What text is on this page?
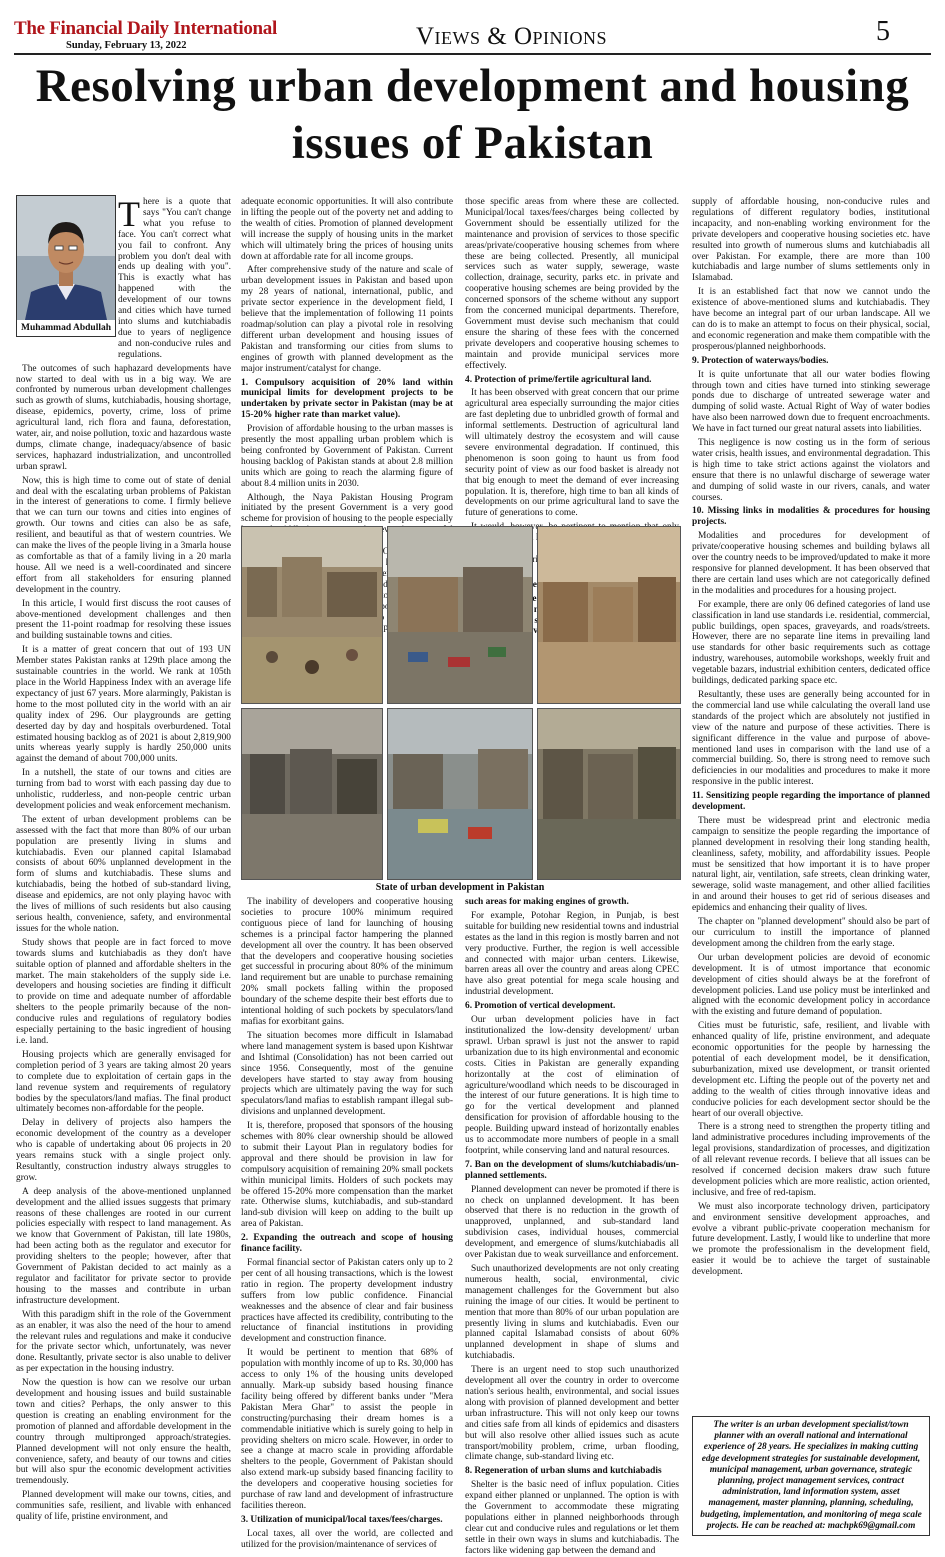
The Financial Daily International
Sunday, February 13, 2022	Views & Opinions	5
Resolving urban development and housing issues of Pakistan
Muhammad Abdullah

There is a quote that says "You can't change what you refuse to face. You can't correct what you fail to confront. Any problem you don't deal with ends up dealing with you". This is exactly what has happened with the development of our towns and cities which have turned into slums and kutchiabadis due to years of negligence and non-conducive rules and regulations.

The outcomes of such haphazard developments have now started to deal with us in a big way. We are confronted by numerous urban development challenges such as growth of slums, kutchiabadis, housing shortage, disease, epidemics, poverty, crime, loss of prime agricultural land, rich flora and fauna, deforestation, water, air, and noise pollution, toxic and hazardous waste dumps, climate change, inadequacy/absence of basic services, haphazard industrialization, and uncontrolled urban sprawl.

Now, this is high time to come out of state of denial and deal with the escalating urban problems of Pakistan in the interest of generations to come. I firmly believe that we can turn our towns and cities into engines of growth. Our towns and cities can also be as safe, resilient, and beautiful as that of western countries. We can make the lives of the people living in a 3marla house as comfortable as that of a family living in a 20 marla house. All we need is a well-coordinated and sincere effort from all stakeholders for ensuring planned development in the country.

In this article, I would first discuss the root causes of above-mentioned development challenges and then present the 11-point roadmap for resolving these issues and building sustainable towns and cities.

It is a matter of great concern that out of 193 UN Member states Pakistan ranks at 129th place among the sustainable countries in the world. We rank at 105th place in the World Happiness Index with an average life expectancy of just 67 years. More alarmingly, Pakistan is home to the most polluted city in the world with an air quality index of 296. Our playgrounds are getting deserted day by day and hospitals overburdened. Total estimated housing backlog as of 2021 is about 2,819,900 units whereas yearly supply is hardly 250,000 units against the demand of about 700,000 units.

In a nutshell, the state of our towns and cities are turning from bad to worst with each passing day due to unholistic, rudderless, and non-people centric urban development policies and weak enforcement mechanism.

The extent of urban development problems can be assessed with the fact that more than 80% of our urban population are presently living in slums and kutchiabadis. Even our planned capital Islamabad consists of about 60% unplanned development in the form of slums and kutchiabadis. These slums and kutchiabadis, being the hotbed of sub-standard living, disease and epidemics, are not only playing havoc with the lives of millions of such residents but also causing serious health, convenience, safety, and environmental issues for the whole nation.

Study shows that people are in fact forced to move towards slums and kutchiabadis as they don't have suitable option of planned and affordable shelters in the market. The main stakeholders of the supply side i.e. developers and housing societies are finding it difficult to provide on time and adequate number of affordable shelters to the people primarily because of the non-conducive rules and regulations of regulatory bodies especially pertaining to the basic ingredient of housing i.e. land.

Housing projects which are generally envisaged for completion period of 3 years are taking almost 20 years to complete due to exploitation of certain gaps in the land revenue system and requirements of regulatory bodies by the speculators/land mafias. The final product ultimately becomes non-affordable for the people.

Delay in delivery of projects also hampers the economic development of the country as a developer who is capable of undertaking about 06 projects in 20 years remains stuck with a single project only. Resultantly, construction industry always struggles to grow.

A deep analysis of the above-mentioned unplanned development and the allied issues suggests that primary reasons of these challenges are rooted in our current policies especially with respect to land management. As we know that Government of Pakistan, till late 1980s, had been acting both as the regulator and executor for providing shelters to the people; however, after that Government of Pakistan decided to act mainly as a regulator and facilitator for private sector to provide housing to the masses and contribute in urban infrastructure development.

With this paradigm shift in the role of the Government as an enabler, it was also the need of the hour to amend the relevant rules and regulations and make it conducive for the private sector which, unfortunately, was never done. Resultantly, private sector is also unable to deliver as per expectation in the housing industry.

Now the question is how can we resolve our urban development and housing issues and build sustainable town and cities? Perhaps, the only answer to this question is creating an enabling environment for the promotion of planned and affordable development in the country through multipronged approach/strategies. Planned development will not only ensure the health, convenience, safety, and beauty of our towns and cities but will also spur the economic development activities tremendously.

Planned development will make our towns, cities, and communities safe, resilient, and livable with enhanced quality of life, pristine environment, and

adequate economic opportunities. It will also contribute in lifting the people out of the poverty net and adding to the wealth of cities. Promotion of planned development will increase the supply of housing units in the market which will ultimately bring the prices of housing units down at affordable rate for all income groups.

After comprehensive study of the nature and scale of urban development issues in Pakistan and based upon my 28 years of national, international, public, and private sector experience in the development field, I believe that the implementation of following 11 points roadmap/solution can play a pivotal role in resolving different urban development and housing issues of Pakistan and transforming our cities from slums to engines of growth with planned development as the major instrument/catalyst for change.

1. Compulsory acquisition of 20% land within municipal limits for development projects to be undertaken by private sector in Pakistan (may be at 15-20% higher rate than market value).

Provision of affordable housing to the urban masses is presently the most appalling urban problem which is being confronted by Government of Pakistan. Current housing backlog of Pakistan stands at about 2.8 million units which are going to reach the alarming figure of about 8.4 million units in 2030.

Although, the Naya Pakistan Housing Program initiated by the present Government is a very good scheme for provision of housing to the people especially to supportive

those specific areas from where these are collected. Municipal/local taxes/fees/charges being collected by Government should be essentially utilized for the maintenance and provision of services to those specific areas/private/cooperative housing schemes from where these are being collected. Presently, all municipal services such as water supply, sewerage, waste collection, drainage, security, parks etc. in private and cooperative housing schemes are being provided by the concerned sponsors of the scheme without any support from the concerned municipal departments. Therefore, Government must devise such mechanism that could ensure the sharing of these fees with the concerned private developers and cooperative housing schemes to maintain and provide municipal services more effectively.

4. Protection of prime/fertile agricultural land.

It has been observed with great concern that our prime agricultural area especially surrounding the major cities are fast depleting due to unbridled growth of formal and informal settlements. Destruction of agricultural land will ultimately destroy the ecosystem and will cause severe environmental degradation. If continued, this phenomenon is soon going to haunt us from food security point of view as our food basket is already not that big enough to meet the demand of ever increasing population. It is, therefore, high time to ban all kinds of developments on our prime agricultural land to save the future of generations to come.

State of urban development in Pakistan

The inability of developers and cooperative housing societies to procure 100% minimum required contiguous piece of land for launching of housing schemes is a principal factor hampering the planned development all over the country. It has been observed that the developers and cooperative housing societies get successful in procuring about 80% of the minimum land requirement but are unable to purchase remaining 20% small pockets falling within the proposed boundary of the scheme despite their best efforts due to intentional holding of such pockets by speculators/land mafias for exorbitant gains.

The situation becomes more difficult in Islamabad where land management system is based upon Kishtwar and Ishtimal (Consolidation) has not been carried out since 1956. Consequently, most of the genuine developers have started to stay away from housing projects which are ultimately paving the way for such speculators/land mafias to establish rampant illegal sub-divisions and unplanned development.

It is, therefore, proposed that sponsors of the housing schemes with 80% clear ownership should be allowed to submit their Layout Plan in regulatory bodies for approval and there should be provision in law for compulsory acquisition of remaining 20% small pockets within municipal limits. Holders of such pockets may be offered 15-20% more compensation than the market rate. Otherwise slums, kutchiabadis, and sub-standard land-sub division will keep on adding to the built up area of Pakistan.

2. Expanding the outreach and scope of housing finance facility.

Formal financial sector of Pakistan caters only up to 2 per cent of all housing transactions, which is the lowest ratio in region. The property development industry suffers from low public confidence. Financial weaknesses and the absence of clear and fair business practices have affected its credibility, contributing to the reluctance of financial institutions in providing development and construction finance.

It would be pertinent to mention that 68% of population with monthly income of up to Rs. 30,000 has access to only 1% of the housing units developed annually. Mark-up subsidy based housing finance facility being offered by different banks under "Mera Pakistan Mera Ghar" to assist the people in constructing/purchasing their dream homes is a commendable initiative which is surely going to help in providing shelters on micro scale. However, in order to see a change at macro scale in providing affordable shelters to the people, Government of Pakistan should also extend mark-up subsidy based financing facility to the developers and cooperative housing societies for purchase of raw land and development of infrastructure facilities thereon.

3. Utilization of municipal/local taxes/fees/charges.

Local taxes, all over the world, are collected and utilized for the provision/maintenance of services of

such areas for making engines of growth.

For example, Potohar Region, in Punjab, is best suitable for building new residential towns and industrial estates as the land in this region is mostly barren and not very productive. Further, the region is well accessible and connected with major urban centers. Likewise, barren areas all over the country and areas along CPEC have also great potential for mega scale housing and industrial development.

6. Promotion of vertical development.

Our urban development policies have in fact institutionalized the low-density development/ urban sprawl. Urban sprawl is just not the answer to rapid urbanization due to its high environmental and economic costs. Cities in Pakistan are generally expanding horizontally at the cost of elimination of agriculture/woodland which needs to be discouraged in the interest of our future generations. It is high time to go for the vertical development and planned densification for provision of affordable housing to the people. Building upward instead of horizontally enables us to accommodate more numbers of people in a small footprint, while conserving land and natural resources.

7. Ban on the development of slums/kutchiabadis/un-planned settlements.

Planned development can never be promoted if there is no check on unplanned development. It has been observed that there is no reduction in the growth of unapproved, unplanned, and sub-standard land subdivision cases, individual houses, commercial development, and emergence of slums/kutchiabadis all over Pakistan due to weak surveillance and enforcement.

Such unauthorized developments are not only creating numerous health, social, environmental, civic management challenges for the Government but also ruining the image of our cities. It would be pertinent to mention that more than 80% of our urban population are presently living in slums and kutchiabadis. Even our planned capital Islamabad consists of about 60% unplanned development in shape of slums and kutchiabadis.

There is an urgent need to stop such unauthorized development all over the country in order to overcome nation's serious health, environmental, and social issues along with provision of planned development and better urban infrastructure. This will not only keep our towns and cities safe from all kinds of epidemics and disasters but will also resolve other allied issues such as acute transport/mobility problem, crime, urban flooding, climate change, sub-standard living etc.

8. Regeneration of urban slums and kutchiabadis

Shelter is the basic need of influx population. Cities expand either planned or unplanned. The option is with the Government to accommodate these migrating populations either in planned neighborhoods through clear cut and conducive rules and regulations or let them settle in their own ways in slums and kutchiabadis. The factors like widening gap between the demand and

supply of affordable housing, non-conducive rules and regulations of different regulatory bodies, institutional incapacity, and non-enabling working environment for the private developers and cooperative housing societies etc. have resulted into growth of numerous slums and kutchiabadis all over Pakistan. For example, there are more than 100 kutchiabadis and large number of slums settlements only in Islamabad.

It is an established fact that now we cannot undo the existence of above-mentioned slums and kutchiabadis. They have become an integral part of our urban landscape. All we can do is to make an attempt to focus on their physical, social, and economic regeneration and make them compatible with the prosperous/planned neighborhoods.

9. Protection of waterways/bodies.

It is quite unfortunate that all our water bodies flowing through town and cities have turned into stinking sewerage ponds due to discharge of untreated sewerage water and dumping of solid waste. Actual Right of Way of water bodies have also been narrowed down due to frequent encroachments. We have in fact turned our great natural assets into liabilities.

This negligence is now costing us in the form of serious water crisis, health issues, and environmental degradation. This is high time to take strict actions against the violators and ensure that there is no unlawful discharge of sewerage water and dumping of solid waste in our rivers, canals, and water courses.

10. Missing links in modalities & procedures for housing projects.

Modalities and procedures for development of private/cooperative housing schemes and building bylaws all over the country needs to be improved/updated to make it more responsive for planned development. It has been observed that there are certain land uses which are not categorically defined in the modalities and procedures for a housing project.

For example, there are only 06 defined categories of land use classification in land use standards i.e. residential, commercial, public buildings, open spaces, graveyards, and roads/streets. However, there are no separate line items in prevailing land use standards for other basic requirements such as cottage industry, warehouses, automobile workshops, weekly fruit and vegetable bazars, industrial exhibition centers, dedicated office buildings, dedicated parking space etc.

Resultantly, these uses are generally being accounted for in the commercial land use while calculating the overall land use standards of the project which are absolutely not justified in view of the nature and purpose of these activities. There is significant difference in the value and purpose of above-mentioned land uses in comparison with the land use of a commercial building. So, there is strong need to remove such deficiencies in our modalities and procedures to make it more responsive in the public interest.

11. Sensitizing people regarding the importance of planned development.

There must be widespread print and electronic media campaign to sensitize the people regarding the importance of planned development in resolving their long standing health, cleanliness, safety, mobility, and affordability issues. People must be sensitized that how important it is to have proper natural light, air, ventilation, safe streets, clean drinking water, sewerage, solid waste management, and other allied facilities in and around their houses to get rid of serious diseases and epidemics and enhancing their quality of lives.

The chapter on "planned development" should also be part of our curriculum to instill the importance of planned development among the children from the early stage.

Our urban development policies are devoid of economic development. It is of utmost importance that economic development of cities should always be at the forefront of development policies. Land use policy must be interlinked and aligned with the economic development policy in accordance with the existing and future demand of population.

Cities must be futuristic, safe, resilient, and livable with enhanced quality of life, pristine environment, and adequate economic opportunities for the people by harnessing the potential of each development model, be it densification, suburbanization, mixed use development, or transit oriented development etc. Lifting the people out of the poverty net and adding to the wealth of cities through innovative ideas and conducive policies for each development sector should be the heart of our overall objective.

There is a strong need to strengthen the property titling and land administrative procedures including improvements of the legal provisions, standardization of processes, and digitization of all relevant revenue records. I believe that all issues can be resolved if concerned decision makers draw such future development policies which are more realistic, action oriented, inclusive, and free of red-tapism.

We must also incorporate technology driven, participatory and environment sensitive development approaches, and evolve a vibrant public-private cooperation mechanism for future development. Lastly, I would like to underline that more we promote the professionalism in the development field, easier it would be to achieve the target of sustainable development.

The writer is an urban development specialist/town planner with an overall national and international experience of 28 years. He specializes in making cutting edge development strategies for sustainable development, municipal management, urban governance, strategic planning, project management services, contract administration, land information system, asset management, master planning, planning, scheduling, budgeting, implementation, and monitoring of mega scale projects. He can be reached at: machpk69@gmail.com
